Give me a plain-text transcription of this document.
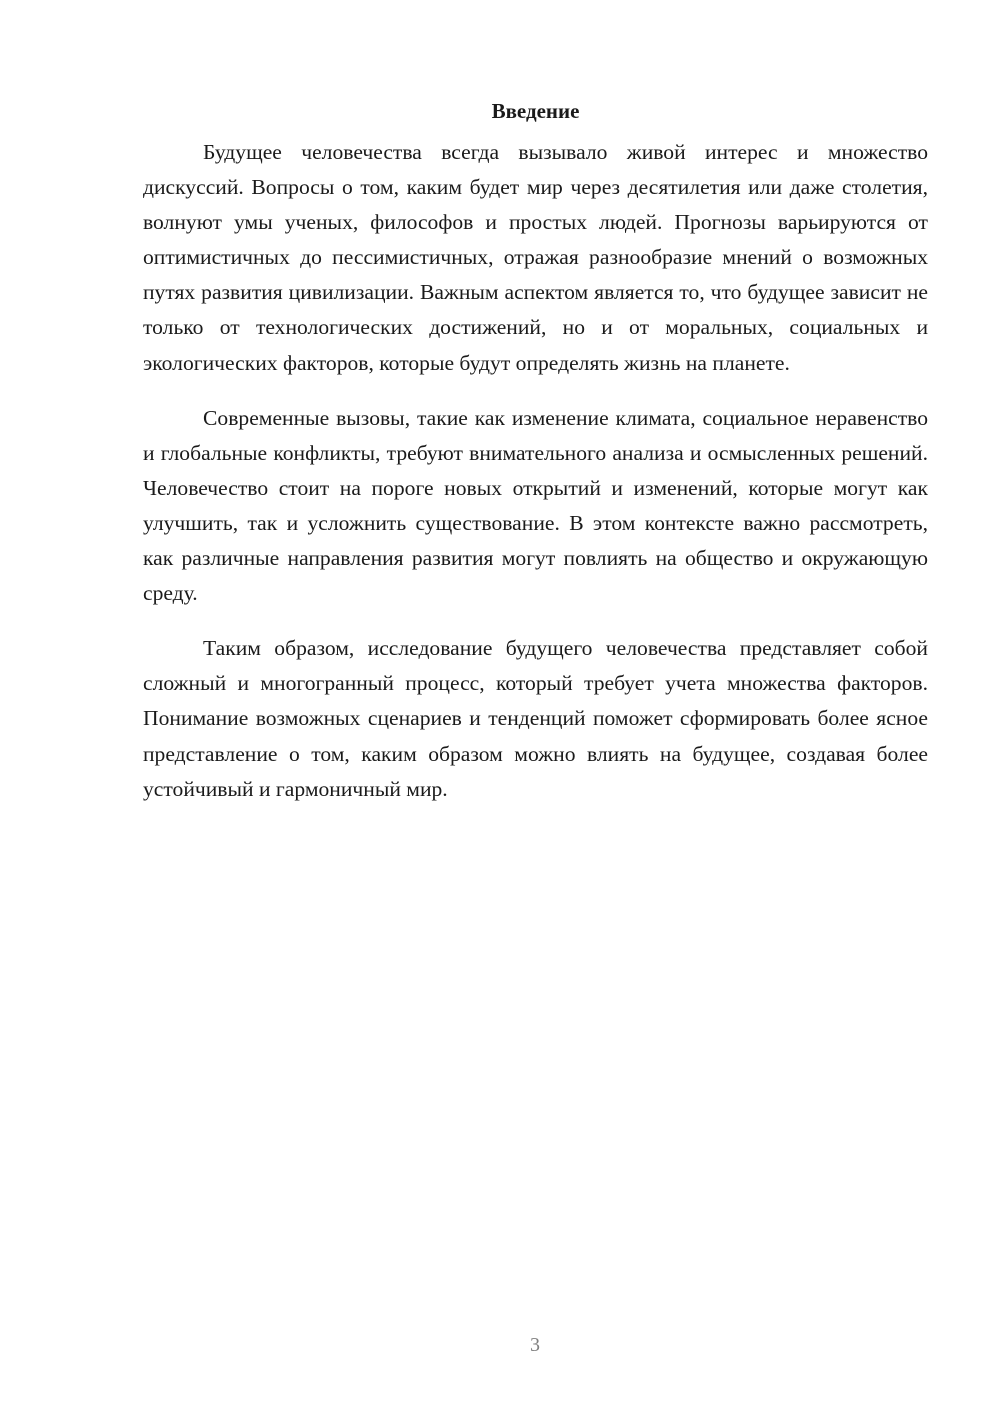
Введение

Будущее человечества всегда вызывало живой интерес и множество дискуссий. Вопросы о том, каким будет мир через десятилетия или даже столетия, волнуют умы ученых, философов и простых людей. Прогнозы варьируются от оптимистичных до пессимистичных, отражая разнообразие мнений о возможных путях развития цивилизации. Важным аспектом является то, что будущее зависит не только от технологических достижений, но и от моральных, социальных и экологических факторов, которые будут определять жизнь на планете.

Современные вызовы, такие как изменение климата, социальное неравенство и глобальные конфликты, требуют внимательного анализа и осмысленных решений. Человечество стоит на пороге новых открытий и изменений, которые могут как улучшить, так и усложнить существование. В этом контексте важно рассмотреть, как различные направления развития могут повлиять на общество и окружающую среду.

Таким образом, исследование будущего человечества представляет собой сложный и многогранный процесс, который требует учета множества факторов. Понимание возможных сценариев и тенденций поможет сформировать более ясное представление о том, каким образом можно влиять на будущее, создавая более устойчивый и гармоничный мир.

3
